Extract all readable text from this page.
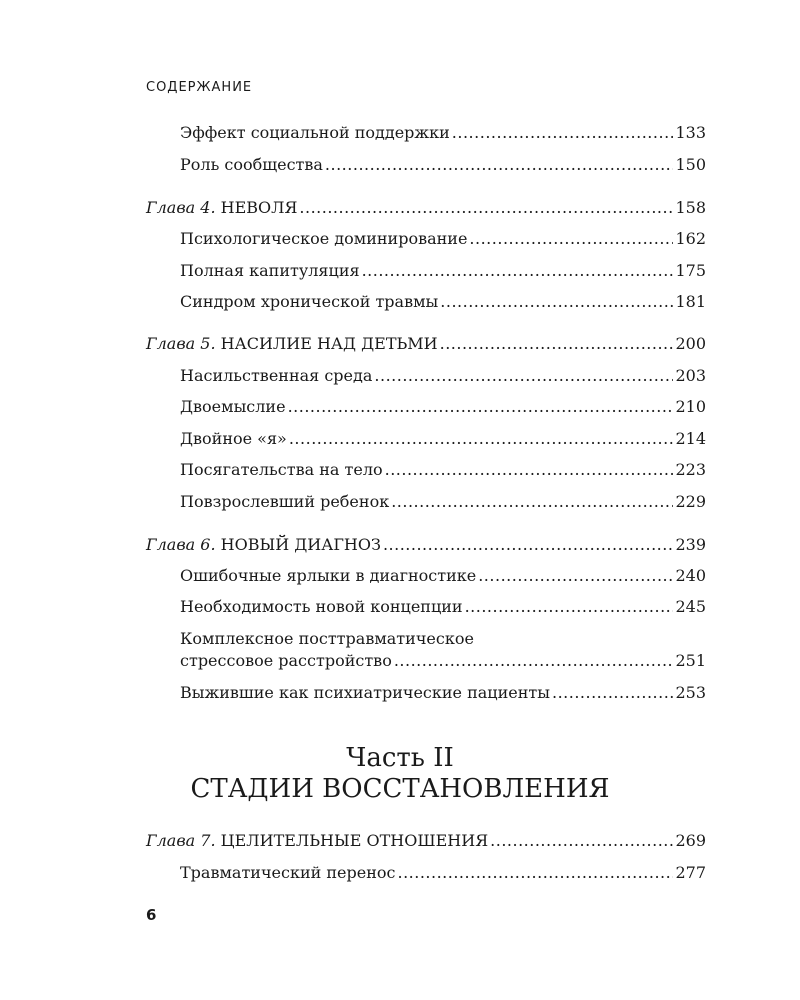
СОДЕРЖАНИЕ
Эффект социальной поддержки .....	133
Роль сообщества .....	150
Глава 4. НЕВОЛЯ .....	158
Психологическое доминирование .....	162
Полная капитуляция .....	175
Синдром хронической травмы .....	181
Глава 5. НАСИЛИЕ НАД ДЕТЬМИ .....	200
Насильственная среда .....	203
Двоемыслие .....	210
Двойное «я» .....	214
Посягательства на тело .....	223
Повзрослевший ребенок .....	229
Глава 6. НОВЫЙ ДИАГНОЗ .....	239
Ошибочные ярлыки в диагностике .....	240
Необходимость новой концепции .....	245
Комплексное посттравматическое
стрессовое расстройство .....	251
Выжившие как психиатрические пациенты .....	253
Часть II
СТАДИИ ВОССТАНОВЛЕНИЯ
Глава 7. ЦЕЛИТЕЛЬНЫЕ ОТНОШЕНИЯ .....	269
Травматический перенос .....	277
6
